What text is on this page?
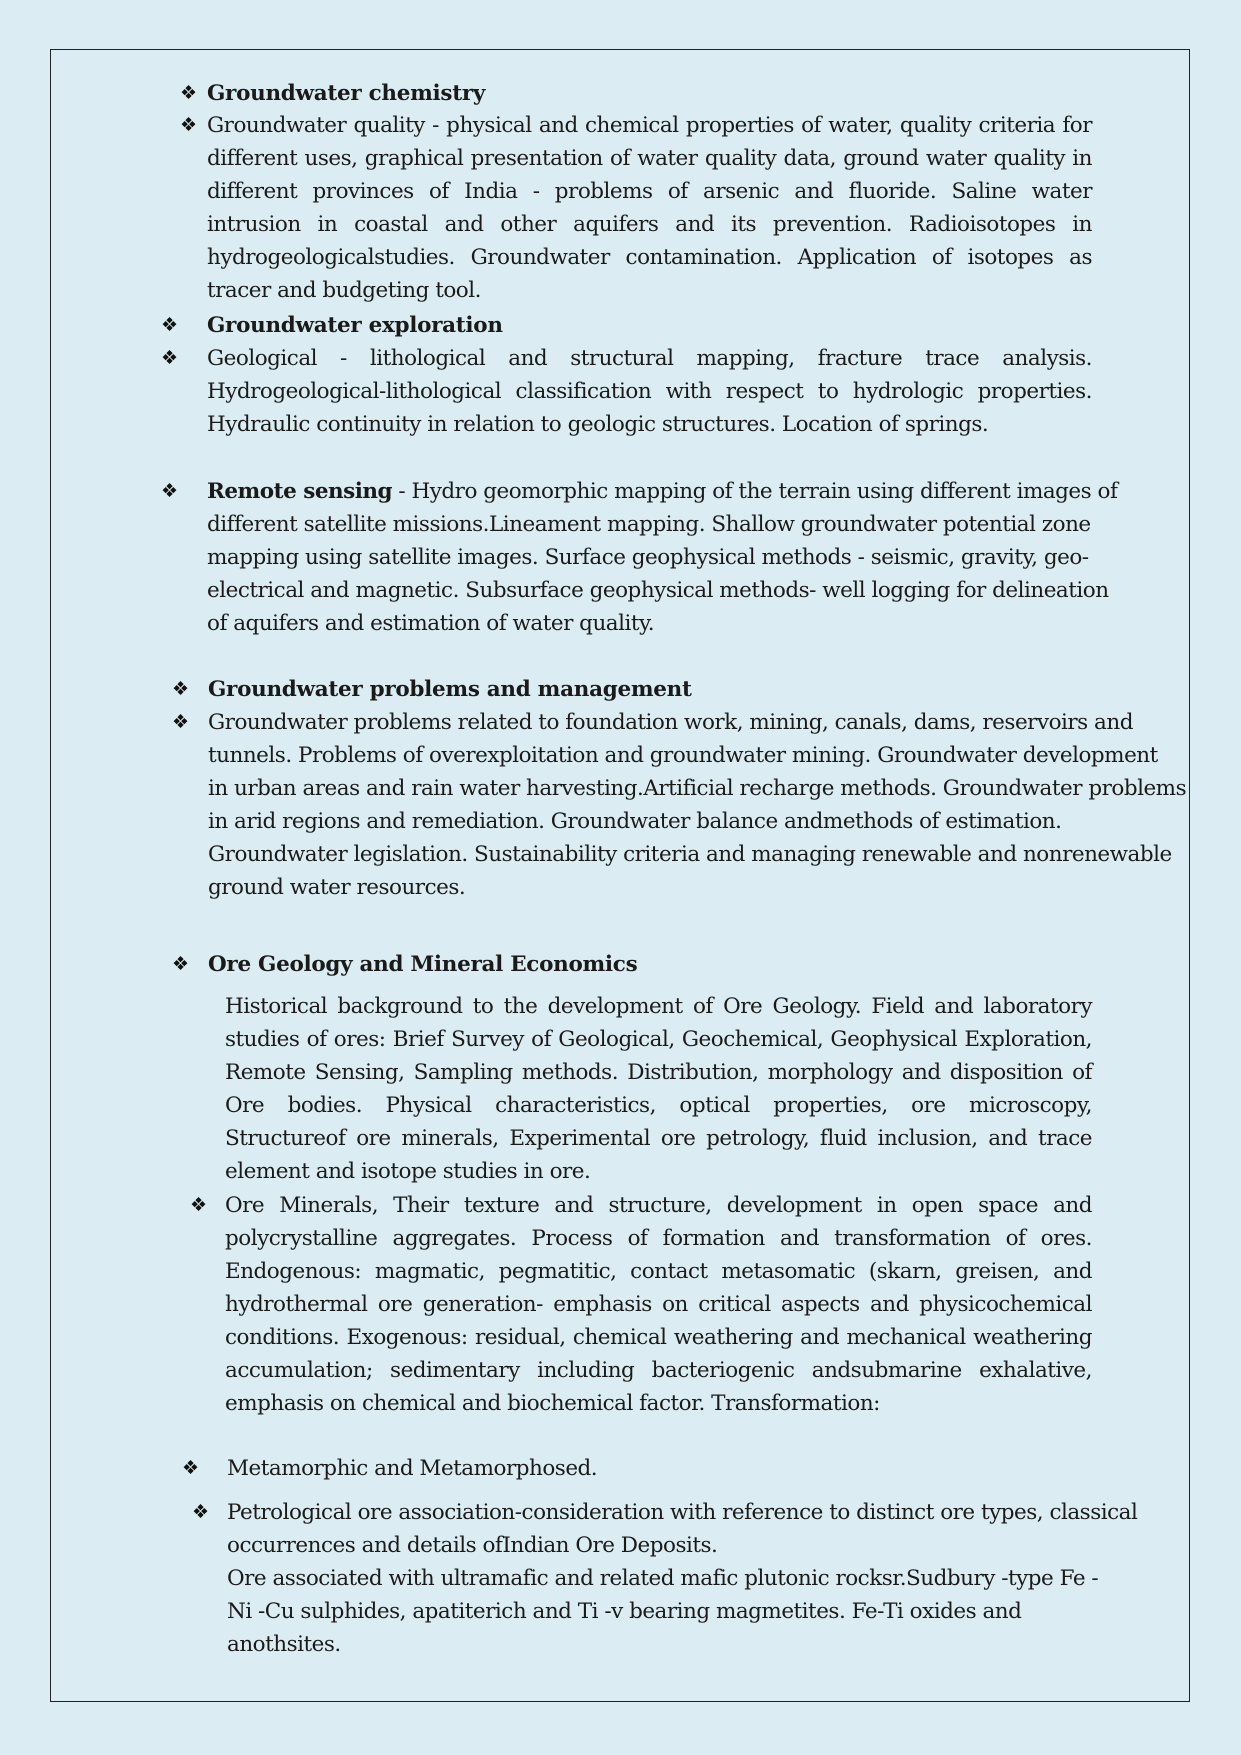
❖ Groundwater chemistry
❖ Groundwater quality - physical and chemical properties of water, quality criteria for different uses, graphical presentation of water quality data, ground water quality in different provinces of India - problems of arsenic and fluoride. Saline water intrusion in coastal and other aquifers and its prevention. Radioisotopes in hydrogeologicalstudies. Groundwater contamination. Application of isotopes as tracer and budgeting tool.
❖ Groundwater exploration
❖ Geological - lithological and structural mapping, fracture trace analysis. Hydrogeological-lithological classification with respect to hydrologic properties. Hydraulic continuity in relation to geologic structures. Location of springs.
❖ Remote sensing - Hydro geomorphic mapping of the terrain using different images of
different satellite missions.Lineament mapping. Shallow groundwater potential zone
mapping using satellite images. Surface geophysical methods - seismic, gravity, geo-
electrical and magnetic. Subsurface geophysical methods- well logging for delineation
of aquifers and estimation of water quality.
❖ Groundwater problems and management
❖ Groundwater problems related to foundation work, mining, canals, dams, reservoirs and
tunnels. Problems of overexploitation and groundwater mining. Groundwater development
in urban areas and rain water harvesting.Artificial recharge methods. Groundwater problems
in arid regions and remediation. Groundwater balance andmethods of estimation.
Groundwater legislation. Sustainability criteria and managing renewable and nonrenewable
ground water resources.
❖ Ore Geology and Mineral Economics
Historical background to the development of Ore Geology. Field and laboratory studies of ores: Brief Survey of Geological, Geochemical, Geophysical Exploration, Remote Sensing, Sampling methods. Distribution, morphology and disposition of Ore bodies. Physical characteristics, optical properties, ore microscopy, Structureof ore minerals, Experimental ore petrology, fluid inclusion, and trace element and isotope studies in ore.
❖ Ore Minerals, Their texture and structure, development in open space and polycrystalline aggregates. Process of formation and transformation of ores. Endogenous: magmatic, pegmatitic, contact metasomatic (skarn, greisen, and hydrothermal ore generation- emphasis on critical aspects and physicochemical conditions. Exogenous: residual, chemical weathering and mechanical weathering accumulation; sedimentary including bacteriogenic andsubmarine exhalative, emphasis on chemical and biochemical factor. Transformation:
❖ Metamorphic and Metamorphosed.
❖ Petrological ore association-consideration with reference to distinct ore types, classical
occurrences and details ofIndian Ore Deposits.
Ore associated with ultramafic and related mafic plutonic rocksr.Sudbury -type Fe -
Ni -Cu sulphides, apatiterich and Ti -v bearing magmetites. Fe-Ti oxides and
anothsites.
